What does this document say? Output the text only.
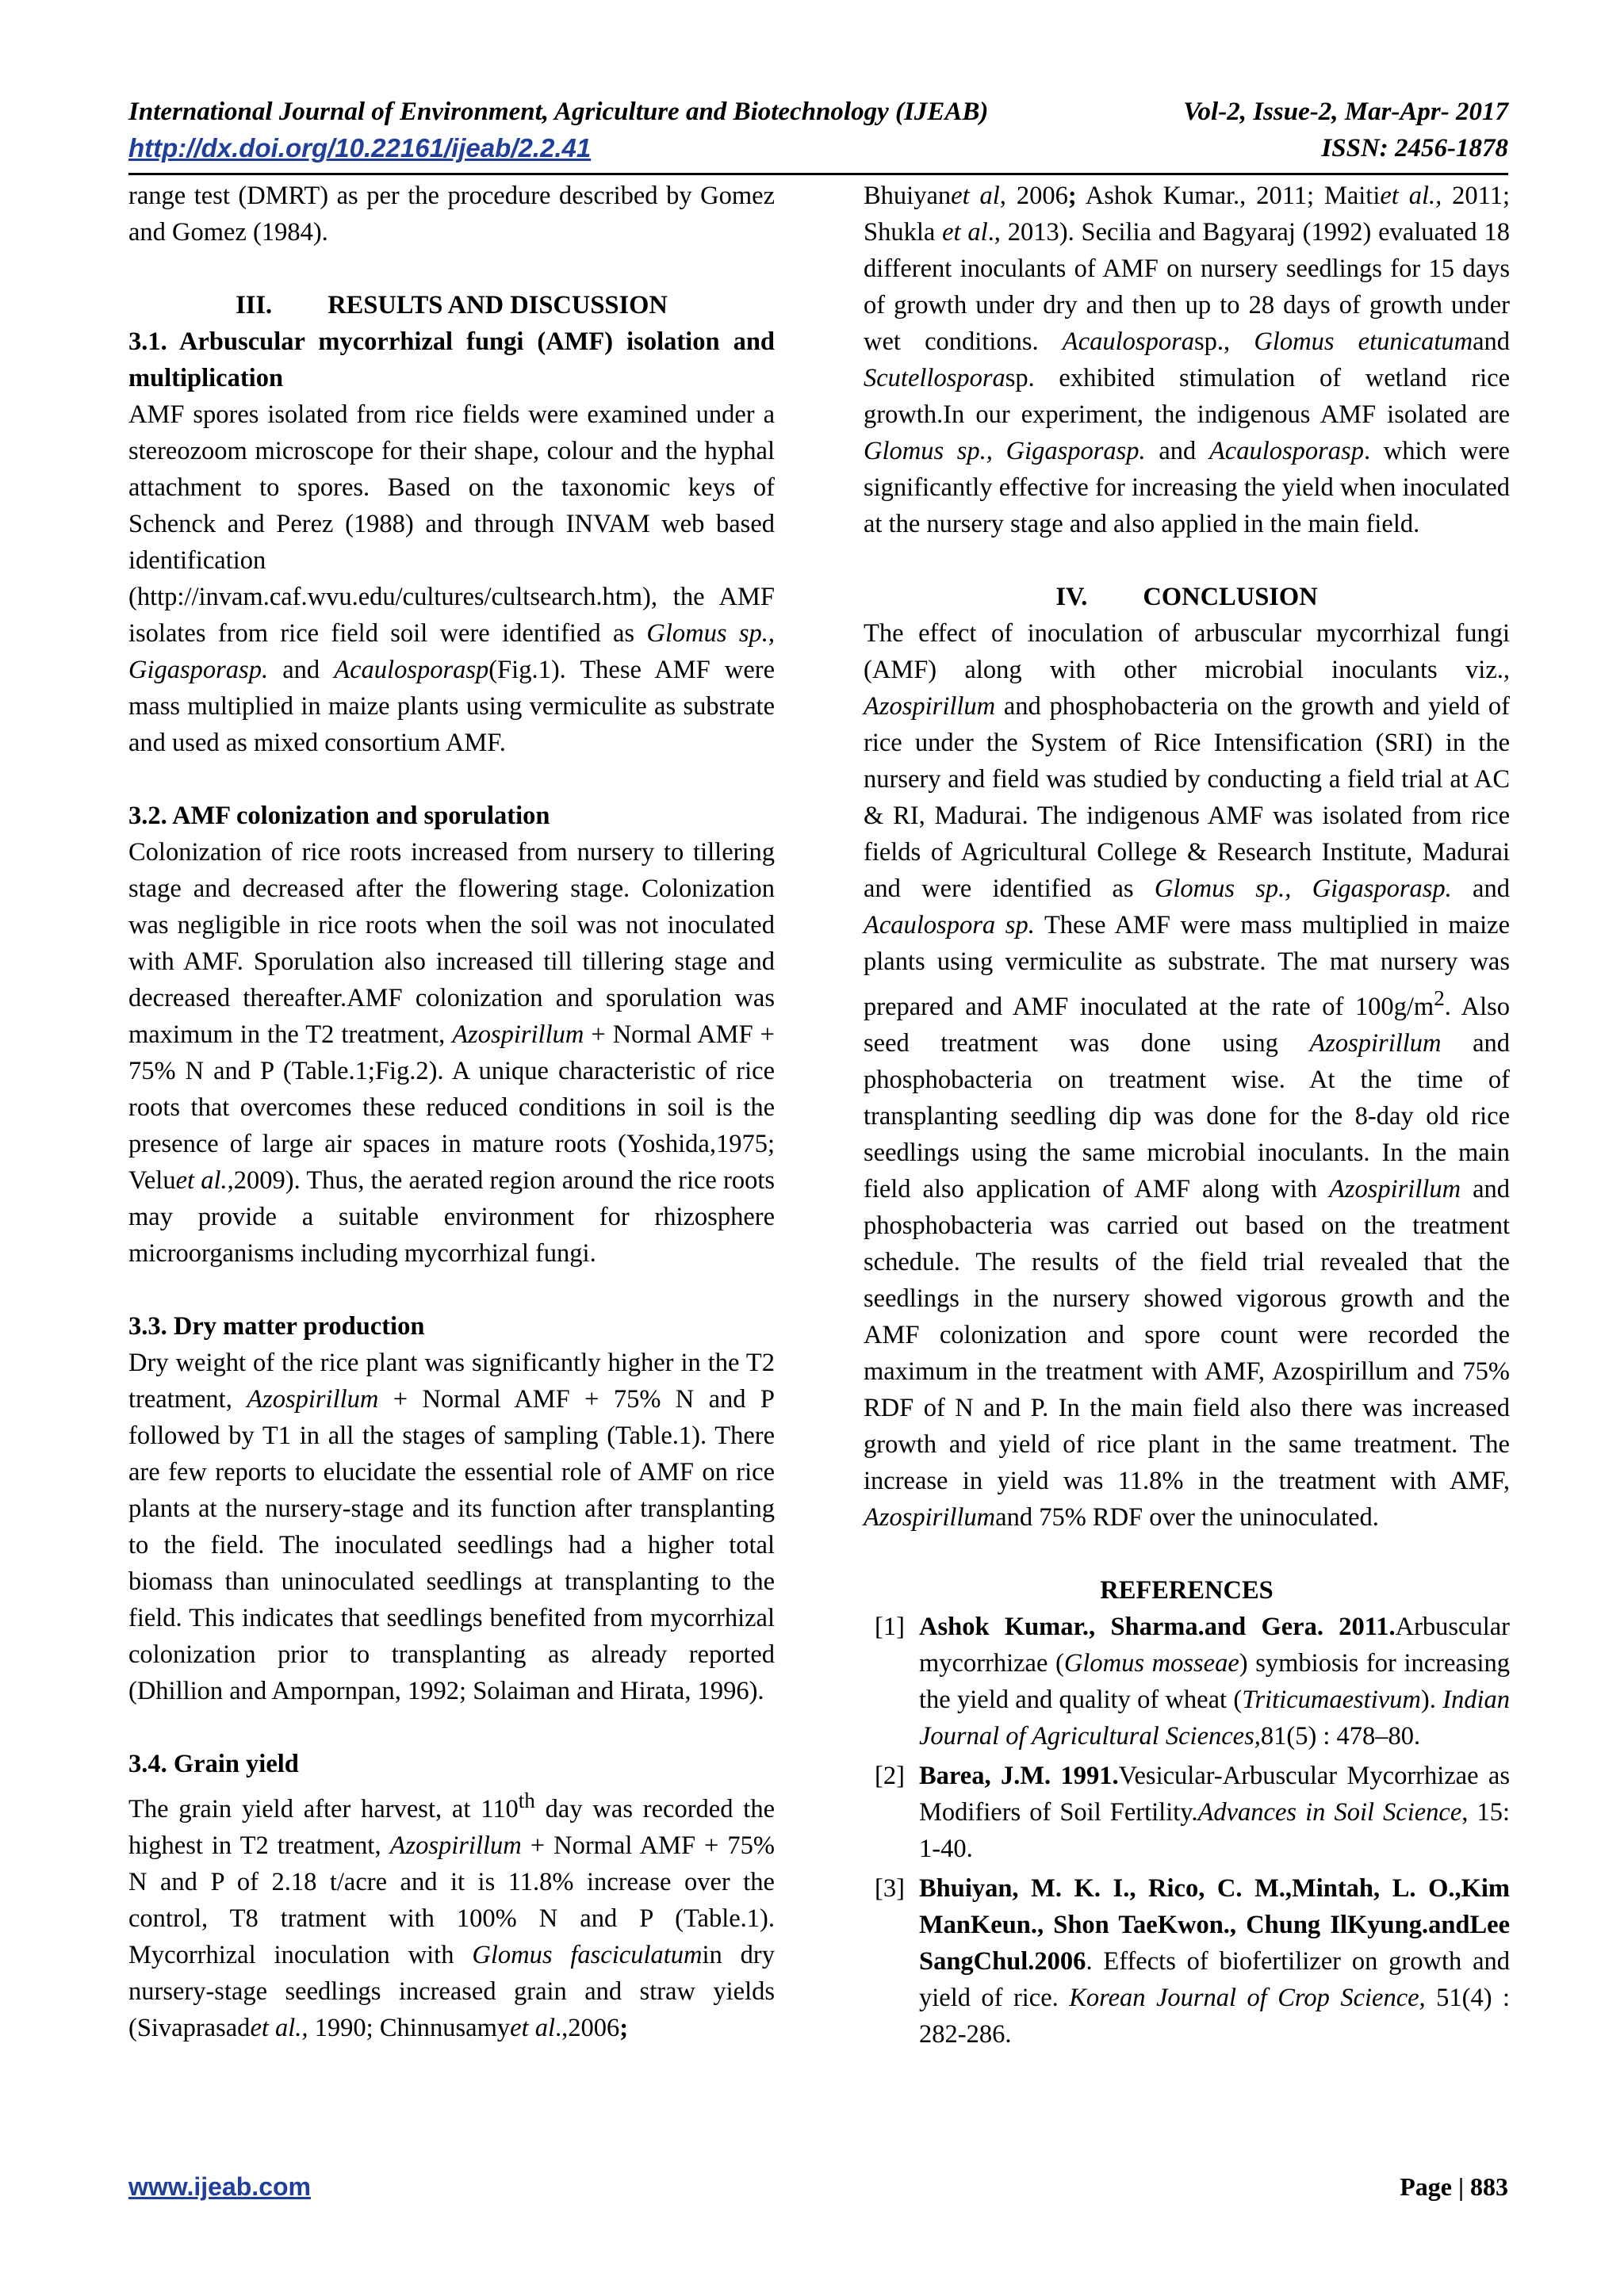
International Journal of Environment, Agriculture and Biotechnology (IJEAB)	Vol-2, Issue-2, Mar-Apr- 2017
http://dx.doi.org/10.22161/ijeab/2.2.41	ISSN: 2456-1878

range test (DMRT) as per the procedure described by Gomez and Gomez (1984).

III. RESULTS AND DISCUSSION

3.1. Arbuscular mycorrhizal fungi (AMF) isolation and multiplication

AMF spores isolated from rice fields were examined under a stereozoom microscope for their shape, colour and the hyphal attachment to spores. Based on the taxonomic keys of Schenck and Perez (1988) and through INVAM web based identification (http://invam.caf.wvu.edu/cultures/cultsearch.htm), the AMF isolates from rice field soil were identified as Glomus sp., Gigasporasp. and Acaulosporasp(Fig.1). These AMF were mass multiplied in maize plants using vermiculite as substrate and used as mixed consortium AMF.

3.2. AMF colonization and sporulation

Colonization of rice roots increased from nursery to tillering stage and decreased after the flowering stage. Colonization was negligible in rice roots when the soil was not inoculated with AMF. Sporulation also increased till tillering stage and decreased thereafter.AMF colonization and sporulation was maximum in the T2 treatment, Azospirillum + Normal AMF + 75% N and P (Table.1;Fig.2). A unique characteristic of rice roots that overcomes these reduced conditions in soil is the presence of large air spaces in mature roots (Yoshida,1975; Veluet al.,2009). Thus, the aerated region around the rice roots may provide a suitable environment for rhizosphere microorganisms including mycorrhizal fungi.

3.3. Dry matter production

Dry weight of the rice plant was significantly higher in the T2 treatment, Azospirillum + Normal AMF + 75% N and P followed by T1 in all the stages of sampling (Table.1). There are few reports to elucidate the essential role of AMF on rice plants at the nursery-stage and its function after transplanting to the field. The inoculated seedlings had a higher total biomass than uninoculated seedlings at transplanting to the field. This indicates that seedlings benefited from mycorrhizal colonization prior to transplanting as already reported (Dhillion and Ampornpan, 1992; Solaiman and Hirata, 1996).

3.4. Grain yield

The grain yield after harvest, at 110th day was recorded the highest in T2 treatment, Azospirillum + Normal AMF + 75% N and P of 2.18 t/acre and it is 11.8% increase over the control, T8 tratment with 100% N and P (Table.1). Mycorrhizal inoculation with Glomus fasciculatumin dry nursery-stage seedlings increased grain and straw yields (Sivaprasadet al., 1990; Chinnusamyet al.,2006;

Bhuiyanet al, 2006; Ashok Kumar., 2011; Maitiet al., 2011; Shukla et al., 2013). Secilia and Bagyaraj (1992) evaluated 18 different inoculants of AMF on nursery seedlings for 15 days of growth under dry and then up to 28 days of growth under wet conditions. Acaulosporasp., Glomus etunicatumand Scutellosporasp. exhibited stimulation of wetland rice growth.In our experiment, the indigenous AMF isolated are Glomus sp., Gigasporasp. and Acaulosporasp. which were significantly effective for increasing the yield when inoculated at the nursery stage and also applied in the main field.

IV. CONCLUSION

The effect of inoculation of arbuscular mycorrhizal fungi (AMF) along with other microbial inoculants viz., Azospirillum and phosphobacteria on the growth and yield of rice under the System of Rice Intensification (SRI) in the nursery and field was studied by conducting a field trial at AC & RI, Madurai. The indigenous AMF was isolated from rice fields of Agricultural College & Research Institute, Madurai and were identified as Glomus sp., Gigasporasp. and Acaulospora sp. These AMF were mass multiplied in maize plants using vermiculite as substrate. The mat nursery was prepared and AMF inoculated at the rate of $100g/m^2$. Also seed treatment was done using Azospirillum and phosphobacteria on treatment wise. At the time of transplanting seedling dip was done for the 8-day old rice seedlings using the same microbial inoculants. In the main field also application of AMF along with Azospirillum and phosphobacteria was carried out based on the treatment schedule. The results of the field trial revealed that the seedlings in the nursery showed vigorous growth and the AMF colonization and spore count were recorded the maximum in the treatment with AMF, Azospirillum and 75% RDF of N and P. In the main field also there was increased growth and yield of rice plant in the same treatment. The increase in yield was 11.8% in the treatment with AMF, Azospirillumand 75% RDF over the uninoculated.

REFERENCES

[1] Ashok Kumar., Sharma.and Gera. 2011.Arbuscular mycorrhizae (Glomus mosseae) symbiosis for increasing the yield and quality of wheat (Triticumaestivum). Indian Journal of Agricultural Sciences,81(5) : 478–80.
[2] Barea, J.M. 1991.Vesicular-Arbuscular Mycorrhizae as Modifiers of Soil Fertility.Advances in Soil Science, 15: 1-40.
[3] Bhuiyan, M. K. I., Rico, C. M.,Mintah, L. O.,Kim ManKeun., Shon TaeKwon., Chung IlKyung.andLee SangChul.2006. Effects of biofertilizer on growth and yield of rice. Korean Journal of Crop Science, 51(4) : 282-286.
www.ijeab.com	Page | 883
